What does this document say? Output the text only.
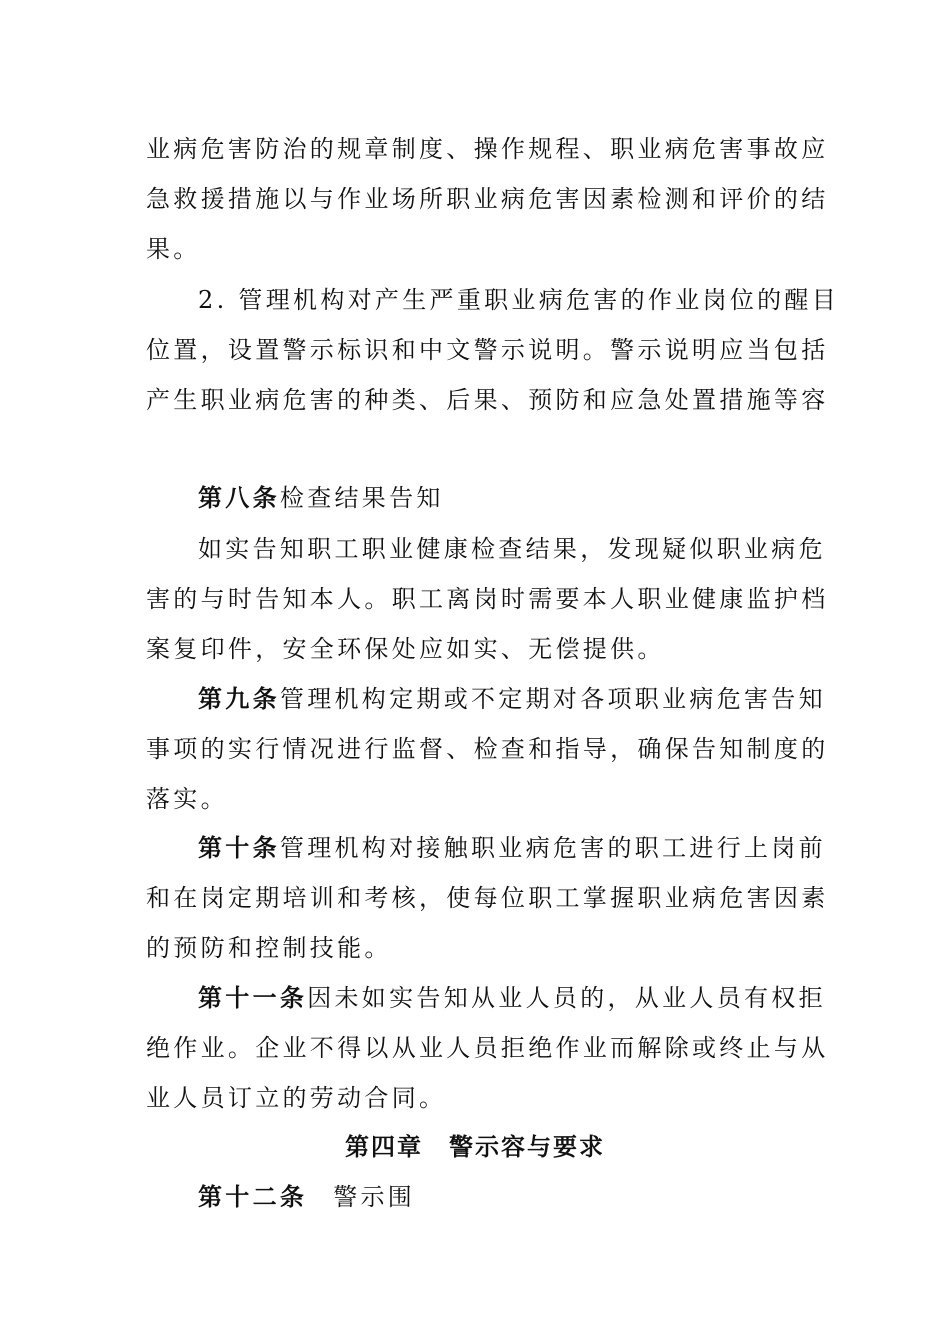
业病危害防治的规章制度、操作规程、职业病危害事故应
急救援措施以与作业场所职业病危害因素检测和评价的结
果。
2. 管理机构对产生严重职业病危害的作业岗位的醒目
位置，设置警示标识和中文警示说明。警示说明应当包括
产生职业病危害的种类、后果、预防和应急处置措施等容
第八条检查结果告知
如实告知职工职业健康检查结果，发现疑似职业病危
害的与时告知本人。职工离岗时需要本人职业健康监护档
案复印件，安全环保处应如实、无偿提供。
第九条管理机构定期或不定期对各项职业病危害告知
事项的实行情况进行监督、检查和指导，确保告知制度的
落实。
第十条管理机构对接触职业病危害的职工进行上岗前
和在岗定期培训和考核，使每位职工掌握职业病危害因素
的预防和控制技能。
第十一条因未如实告知从业人员的，从业人员有权拒
绝作业。企业不得以从业人员拒绝作业而解除或终止与从
业人员订立的劳动合同。
第四章　警示容与要求
第十二条 警示围
